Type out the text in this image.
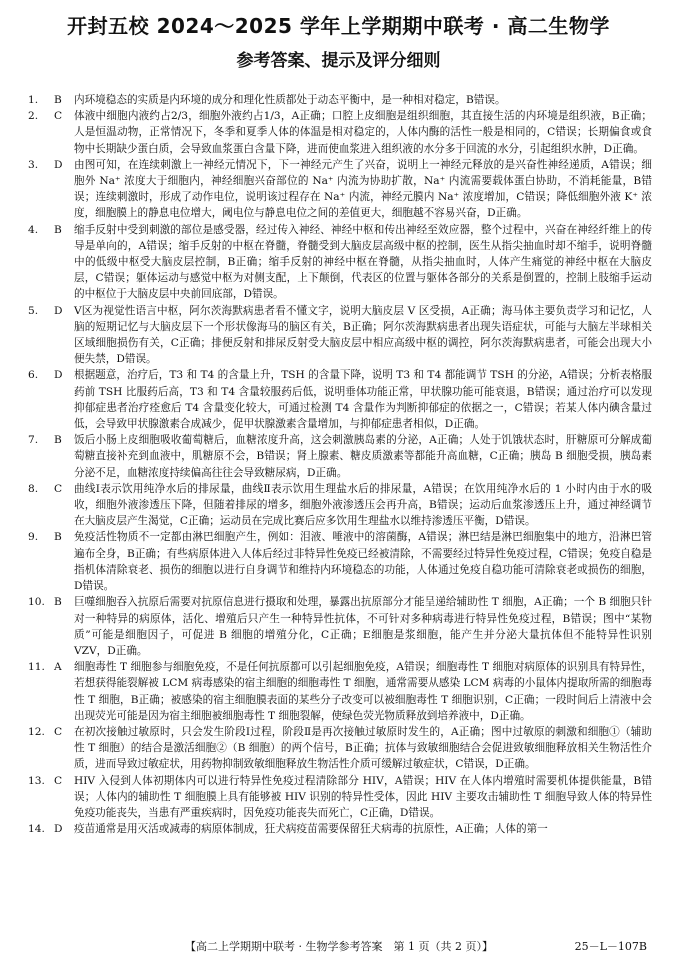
开封五校 2024～2025 学年上学期期中联考 · 高二生物学
参考答案、提示及评分细则
1.	B	内环境稳态的实质是内环境的成分和理化性质都处于动态平衡中，是一种相对稳定，B错误。
2.	C	体液中细胞内液约占2/3，细胞外液约占1/3，A正确；口腔上皮细胞是组织细胞，其直接生活的内环境是组织液，B正确；人是恒温动物，正常情况下，冬季和夏季人体的体温是相对稳定的，人体内酶的活性一般是相同的，C错误；长期偏食或食物中长期缺少蛋白质，会导致血浆蛋白含量下降，进而使血浆进入组织液的水分多于回流的水分，引起组织水肿，D正确。
3.	D	由图可知，在连续刺激上一神经元情况下，下一神经元产生了兴奋，说明上一神经元释放的是兴奋性神经递质，A错误；细胞外 Na⁺ 浓度大于细胞内，神经细胞兴奋部位的 Na⁺ 内流为协助扩散，Na⁺ 内流需要载体蛋白协助，不消耗能量，B错误；连续刺激时，形成了动作电位，说明该过程存在 Na⁺ 内流，神经元膜内 Na⁺ 浓度增加，C错误；降低细胞外液 K⁺ 浓度，细胞膜上的静息电位增大，阈电位与静息电位之间的差值更大，细胞越不容易兴奋，D正确。
4.	B	缩手反射中受到刺激的部位是感受器，经过传入神经、神经中枢和传出神经至效应器，整个过程中，兴奋在神经纤维上的传导是单向的，A错误；缩手反射的中枢在脊髓，脊髓受到大脑皮层高级中枢的控制，医生从指尖抽血时却不缩手，说明脊髓中的低级中枢受大脑皮层控制，B正确；缩手反射的神经中枢在脊髓，从指尖抽血时，人体产生痛觉的神经中枢在大脑皮层，C错误；躯体运动与感觉中枢为对侧支配，上下颠倒，代表区的位置与躯体各部分的关系是倒置的，控制上肢缩手运动的中枢位于大脑皮层中央前回底部，D错误。
5.	D	V区为视觉性语言中枢，阿尔茨海默病患者看不懂文字，说明大脑皮层 V 区受损，A正确；海马体主要负责学习和记忆，人脑的短期记忆与大脑皮层下一个形状像海马的脑区有关，B正确；阿尔茨海默病患者出现失语症状，可能与大脑左半球相关区域细胞损伤有关，C正确；排便反射和排尿反射受大脑皮层中相应高级中枢的调控，阿尔茨海默病患者，可能会出现大小便失禁，D错误。
6.	D	根据题意，治疗后，T3 和 T4 的含量上升，TSH 的含量下降，说明 T3 和 T4 都能调节 TSH 的分泌，A错误；分析表格服药前 TSH 比服药后高，T3 和 T4 含量较服药后低，说明垂体功能正常，甲状腺功能可能衰退，B错误；通过治疗可以发现抑郁症患者治疗痊愈后 T4 含量变化较大，可通过检测 T4 含量作为判断抑郁症的依据之一，C错误；若某人体内碘含量过低，会导致甲状腺激素合成减少，促甲状腺激素含量增加，与抑郁症患者相似，D正确。
7.	B	饭后小肠上皮细胞吸收葡萄糖后，血糖浓度升高，这会刺激胰岛素的分泌，A正确；人处于饥饿状态时，肝糖原可分解成葡萄糖直接补充到血液中，肌糖原不会，B错误；肾上腺素、糖皮质激素等都能升高血糖，C正确；胰岛 B 细胞受损，胰岛素分泌不足，血糖浓度持续偏高往往会导致糖尿病，D正确。
8.	C	曲线Ⅰ表示饮用纯净水后的排尿量，曲线Ⅱ表示饮用生理盐水后的排尿量，A错误；在饮用纯净水后的 1 小时内由于水的吸收，细胞外液渗透压下降，但随着排尿的增多，细胞外液渗透压会再升高，B错误；运动后血浆渗透压上升，通过神经调节在大脑皮层产生渴觉，C正确；运动员在完成比赛后应多饮用生理盐水以维持渗透压平衡，D错误。
9.	B	免疫活性物质不一定都由淋巴细胞产生，例如：泪液、唾液中的溶菌酶，A错误；淋巴结是淋巴细胞集中的地方，沿淋巴管遍布全身，B正确；有些病原体进入人体后经过非特异性免疫已经被清除，不需要经过特异性免疫过程，C错误；免疫自稳是指机体清除衰老、损伤的细胞以进行自身调节和维持内环境稳态的功能，人体通过免疫自稳功能可清除衰老或损伤的细胞，D错误。
10. B	巨噬细胞吞入抗原后需要对抗原信息进行摄取和处理，暴露出抗原部分才能呈递给辅助性 T 细胞，A正确；一个 B 细胞只针对一种特异的病原体，活化、增殖后只产生一种特异性抗体，不可针对多种病毒进行特异性免疫过程，B错误；图中“某物质”可能是细胞因子，可促进 B 细胞的增殖分化，C正确；E细胞是浆细胞，能产生并分泌大量抗体但不能特异性识别 VZV，D正确。
11. A	细胞毒性 T 细胞参与细胞免疫，不是任何抗原都可以引起细胞免疫，A错误；细胞毒性 T 细胞对病原体的识别具有特异性，若想获得能裂解被 LCM 病毒感染的宿主细胞的细胞毒性 T 细胞，通常需要从感染 LCM 病毒的小鼠体内提取所需的细胞毒性 T 细胞，B正确；被感染的宿主细胞膜表面的某些分子改变可以被细胞毒性 T 细胞识别，C正确；一段时间后上清液中会出现荧光可能是因为宿主细胞被细胞毒性 T 细胞裂解，使绿色荧光物质释放到培养液中，D正确。
12. C	在初次接触过敏原时，只会发生阶段Ⅰ过程，阶段Ⅱ是再次接触过敏原时发生的，A正确；图中过敏原的刺激和细胞①（辅助性 T 细胞）的结合是激活细胞②（B 细胞）的两个信号，B正确；抗体与致敏细胞结合会促进致敏细胞释放相关生物活性介质，进而导致过敏症状，用药物抑制致敏细胞释放生物活性介质可缓解过敏症状，C错误，D正确。
13. C	HIV 入侵到人体初期体内可以进行特异性免疫过程清除部分 HIV，A错误；HIV 在人体内增殖时需要机体提供能量，B错误；人体内的辅助性 T 细胞膜上具有能够被 HIV 识别的特异性受体，因此 HIV 主要攻击辅助性 T 细胞导致人体的特异性免疫功能丧失，当患有严重疾病时，因免疫功能丧失而死亡，C正确，D错误。
14. D	疫苗通常是用灭活或减毒的病原体制成，狂犬病疫苗需要保留狂犬病毒的抗原性，A正确；人体的第一
【高二上学期期中联考 · 生物学参考答案　第 1 页（共 2 页）】	25－L－107B
